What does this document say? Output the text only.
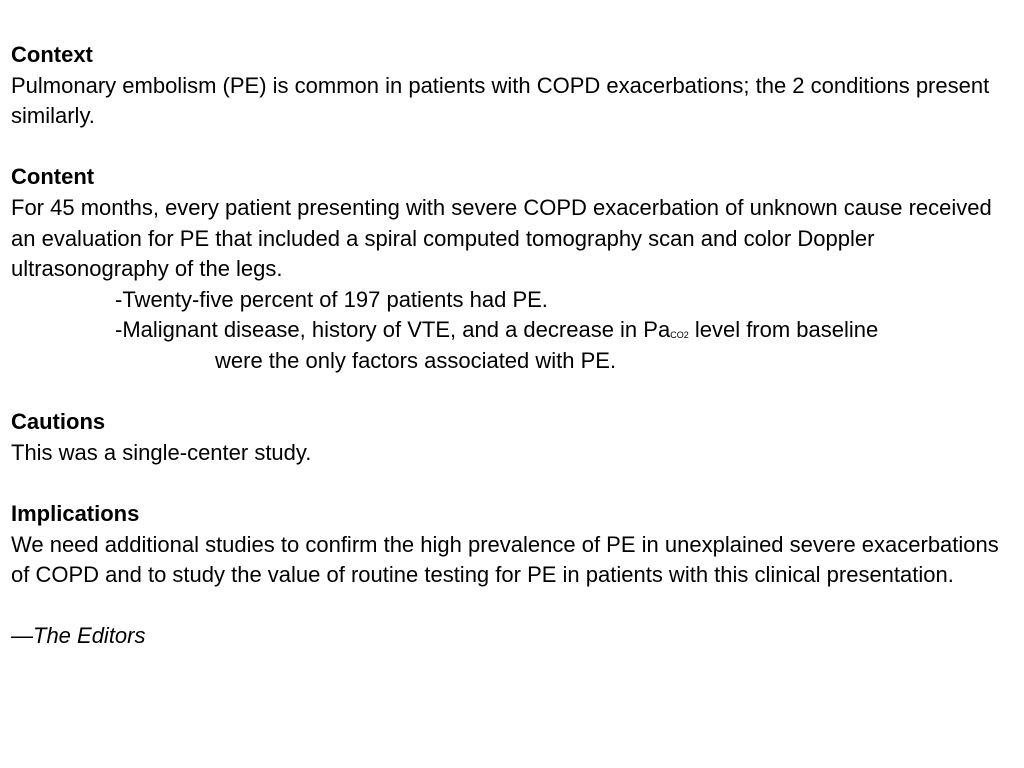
Context

Pulmonary embolism (PE) is common in patients with COPD exacerbations; the 2 conditions present similarly.

Content

For 45 months, every patient presenting with severe COPD exacerbation of unknown cause received an evaluation for PE that included a spiral computed tomography scan and color Doppler ultrasonography of the legs.

-Twenty-five percent of 197 patients had PE.

-Malignant disease, history of VTE, and a decrease in PaCO2 level from baseline

were the only factors associated with PE.

Cautions

This was a single-center study.

Implications

We need additional studies to confirm the high prevalence of PE in unexplained severe exacerbations of COPD and to study the value of routine testing for PE in patients with this clinical presentation.

—The Editors
